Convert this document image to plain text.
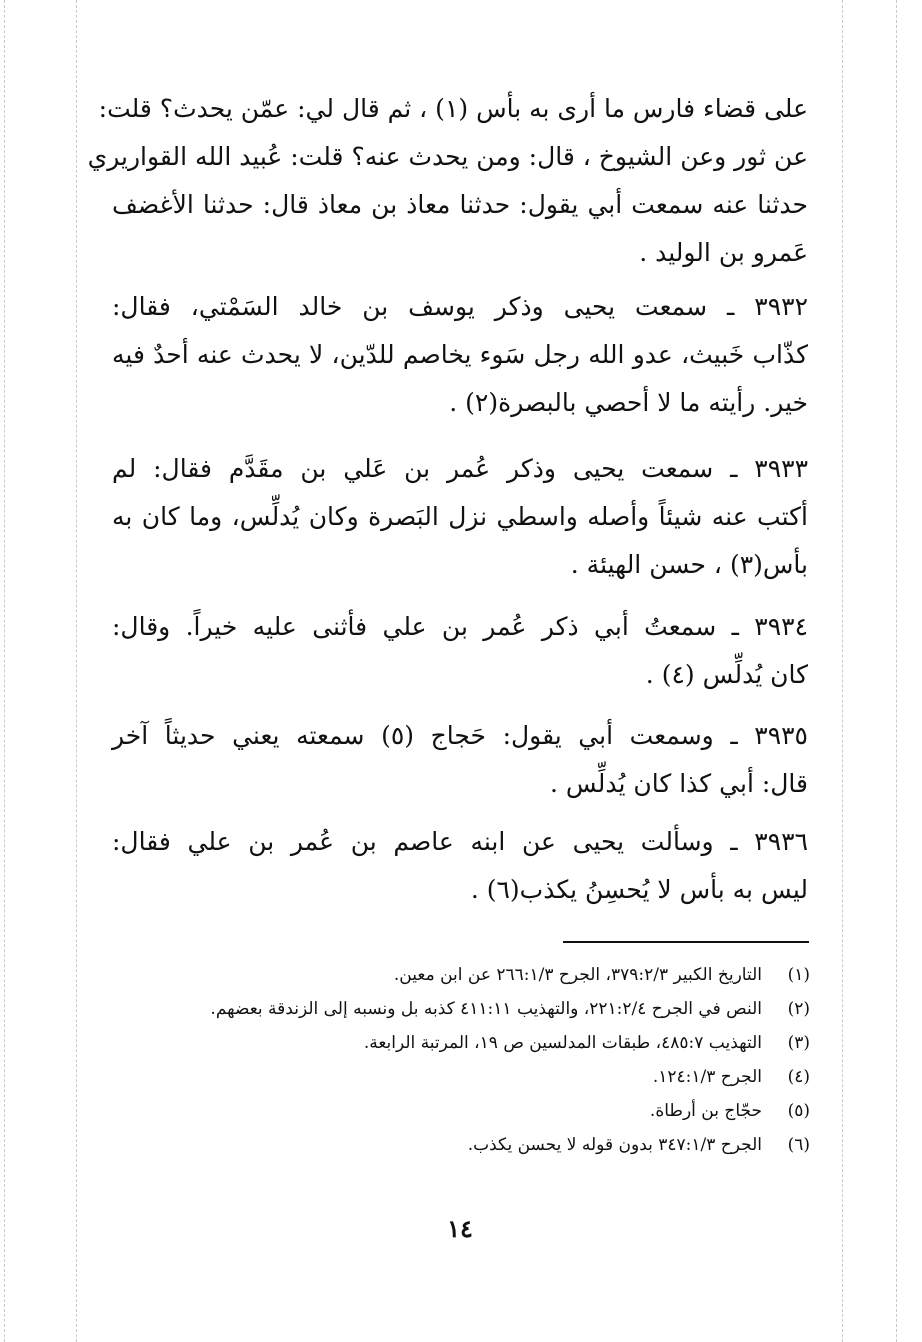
على قضاء فارس ما أرى به بأس (١) ، ثم قال لي: عمّن يحدث؟ قلت:
عن ثور وعن الشيوخ ، قال: ومن يحدث عنه؟ قلت: عُبيد الله القواريري
حدثنا عنه سمعت أبي يقول: حدثنا معاذ بن معاذ قال: حدثنا الأغضف
عَمرو بن الوليد .
٣٩٣٢ ـ سمعت يحيى وذكر يوسف بن خالد السَمْتي، فقال:
كذّاب خَبيث، عدو الله رجل سَوء يخاصم للدّين، لا يحدث عنه أحدٌ فيه
خير. رأيته ما لا أحصي بالبصرة(٢) .
٣٩٣٣ ـ سمعت يحيى وذكر عُمر بن عَلي بن مقَدَّم فقال: لم
أكتب عنه شيئاً وأصله واسطي نزل البَصرة وكان يُدلِّس، وما كان به
بأس(٣) ، حسن الهيئة .
٣٩٣٤ ـ سمعتُ أبي ذكر عُمر بن علي فأثنى عليه خيراً. وقال:
كان يُدلِّس (٤) .
٣٩٣٥ ـ وسمعت أبي يقول: حَجاج (٥) سمعته يعني حديثاً آخر
قال: أبي كذا كان يُدلِّس .
٣٩٣٦ ـ وسألت يحيى عن ابنه عاصم بن عُمر بن علي فقال:
ليس به بأس لا يُحسِنُ يكذب(٦) .
(١)التاريخ الكبير ٣٧٩:٢/٣، الجرح ٢٦٦:١/٣ عن ابن معين.
(٢)النص في الجرح ٢٢١:٢/٤، والتهذيب ٤١١:١١ كذبه بل ونسبه إلى الزندقة بعضهم.
(٣)التهذيب ٤٨٥:٧، طبقات المدلسين ص ١٩، المرتبة الرابعة.
(٤)الجرح ١٢٤:١/٣.
(٥)حجّاج بن أرطاة.
(٦)الجرح ٣٤٧:١/٣ بدون قوله لا يحسن يكذب.
١٤
